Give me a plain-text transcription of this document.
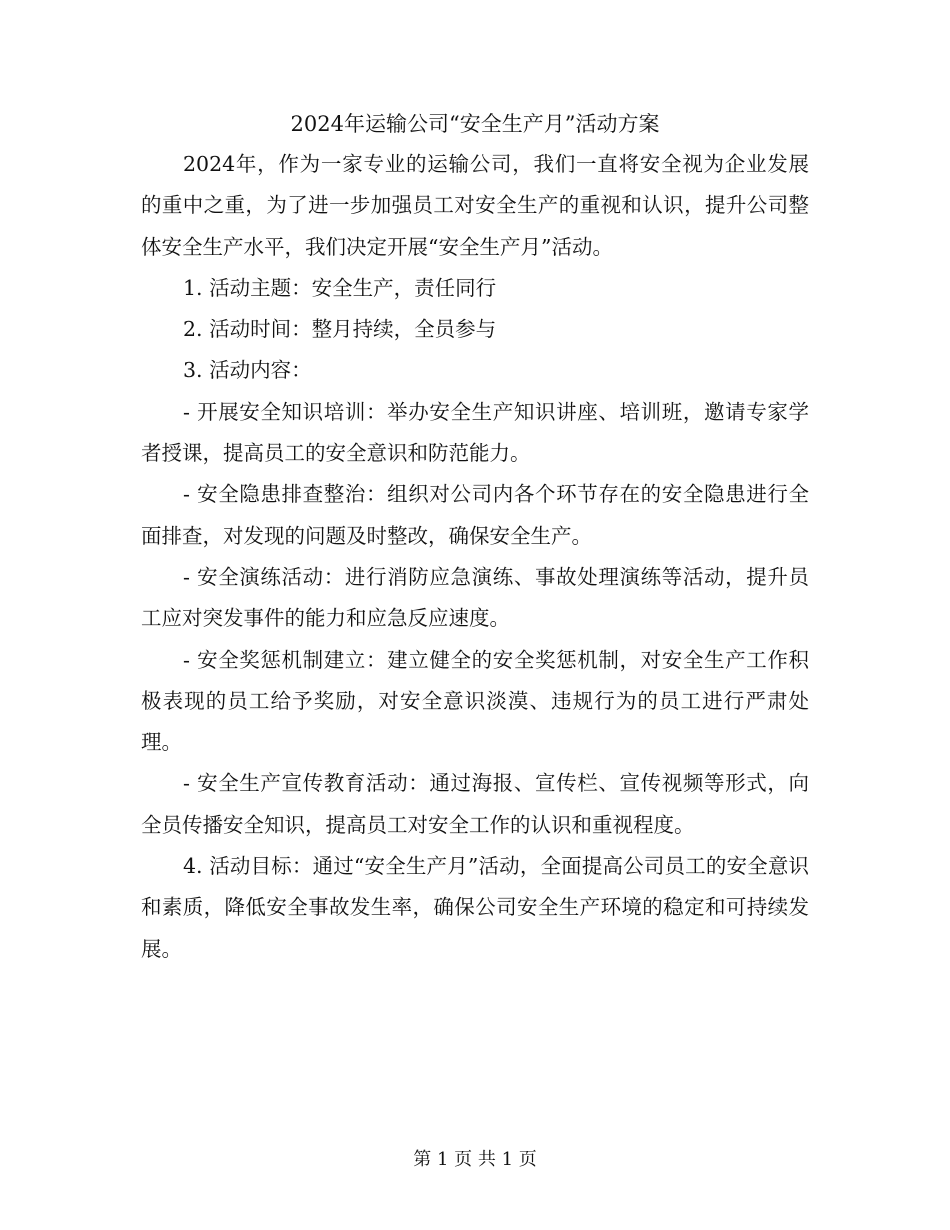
2024年运输公司“安全生产月”活动方案

2024年，作为一家专业的运输公司，我们一直将安全视为企业发展的重中之重，为了进一步加强员工对安全生产的重视和认识，提升公司整体安全生产水平，我们决定开展“安全生产月”活动。

1. 活动主题：安全生产，责任同行

2. 活动时间：整月持续，全员参与

3. 活动内容：

- 开展安全知识培训：举办安全生产知识讲座、培训班，邀请专家学者授课，提高员工的安全意识和防范能力。

- 安全隐患排查整治：组织对公司内各个环节存在的安全隐患进行全面排查，对发现的问题及时整改，确保安全生产。

- 安全演练活动：进行消防应急演练、事故处理演练等活动，提升员工应对突发事件的能力和应急反应速度。

- 安全奖惩机制建立：建立健全的安全奖惩机制，对安全生产工作积极表现的员工给予奖励，对安全意识淡漠、违规行为的员工进行严肃处理。

- 安全生产宣传教育活动：通过海报、宣传栏、宣传视频等形式，向全员传播安全知识，提高员工对安全工作的认识和重视程度。

4. 活动目标：通过“安全生产月”活动，全面提高公司员工的安全意识和素质，降低安全事故发生率，确保公司安全生产环境的稳定和可持续发展。

第 1 页 共 1 页
